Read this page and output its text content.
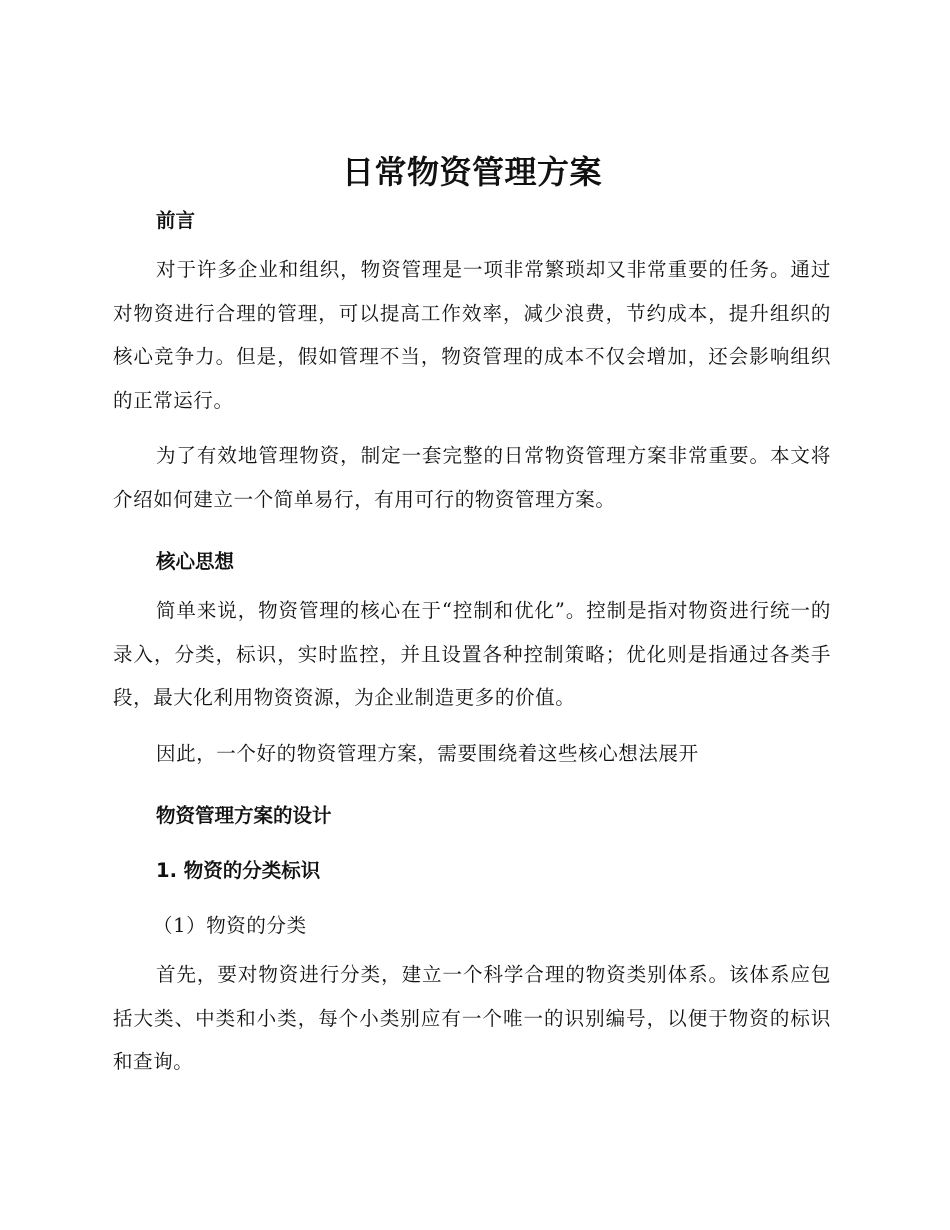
日常物资管理方案
前言

对于许多企业和组织，物资管理是一项非常繁琐却又非常重要的任务。通过对物资进行合理的管理，可以提高工作效率，减少浪费，节约成本，提升组织的核心竞争力。但是，假如管理不当，物资管理的成本不仅会增加，还会影响组织的正常运行。

为了有效地管理物资，制定一套完整的日常物资管理方案非常重要。本文将介绍如何建立一个简单易行，有用可行的物资管理方案。

核心思想

简单来说，物资管理的核心在于“控制和优化”。控制是指对物资进行统一的录入，分类，标识，实时监控，并且设置各种控制策略；优化则是指通过各类手段，最大化利用物资资源，为企业制造更多的价值。

因此，一个好的物资管理方案，需要围绕着这些核心想法展开

物资管理方案的设计
1. 物资的分类标识

（1）物资的分类

首先，要对物资进行分类，建立一个科学合理的物资类别体系。该体系应包括大类、中类和小类，每个小类别应有一个唯一的识别编号，以便于物资的标识和查询。
